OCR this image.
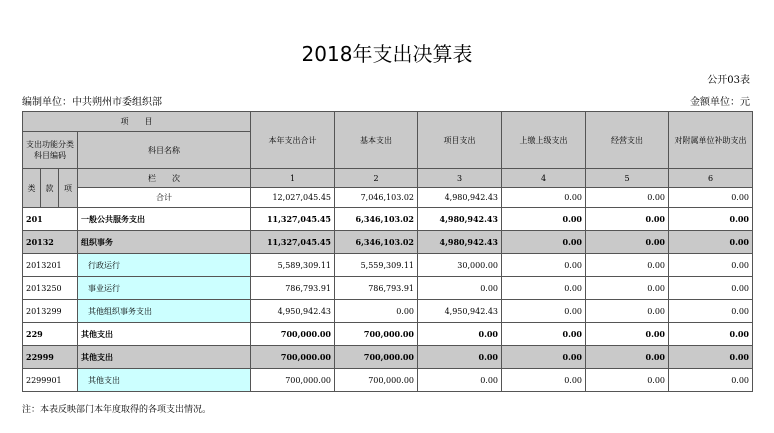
2018年支出决算表
公开03表
编制单位：中共朔州市委组织部	金额单位：元
项　　目				本年支出合计	基本支出	项目支出	上缴上级支出	经营支出	对附属单位补助支出
支出功能分类科目编码			科目名称						

类	款	项	栏　　次	1	2	3	4	5	6
			合计	12,027,045.45	7,046,103.02	4,980,942.43	0.00	0.00	0.00
201			一般公共服务支出	11,327,045.45	6,346,103.02	4,980,942.43	0.00	0.00	0.00
20132			组织事务	11,327,045.45	6,346,103.02	4,980,942.43	0.00	0.00	0.00
2013201			行政运行	5,589,309.11	5,559,309.11	30,000.00	0.00	0.00	0.00
2013250			事业运行	786,793.91	786,793.91	0.00	0.00	0.00	0.00
2013299			其他组织事务支出	4,950,942.43	0.00	4,950,942.43	0.00	0.00	0.00
229			其他支出	700,000.00	700,000.00	0.00	0.00	0.00	0.00
22999			其他支出	700,000.00	700,000.00	0.00	0.00	0.00	0.00
2299901			其他支出	700,000.00	700,000.00	0.00	0.00	0.00	0.00
注：本表反映部门本年度取得的各项支出情况。
